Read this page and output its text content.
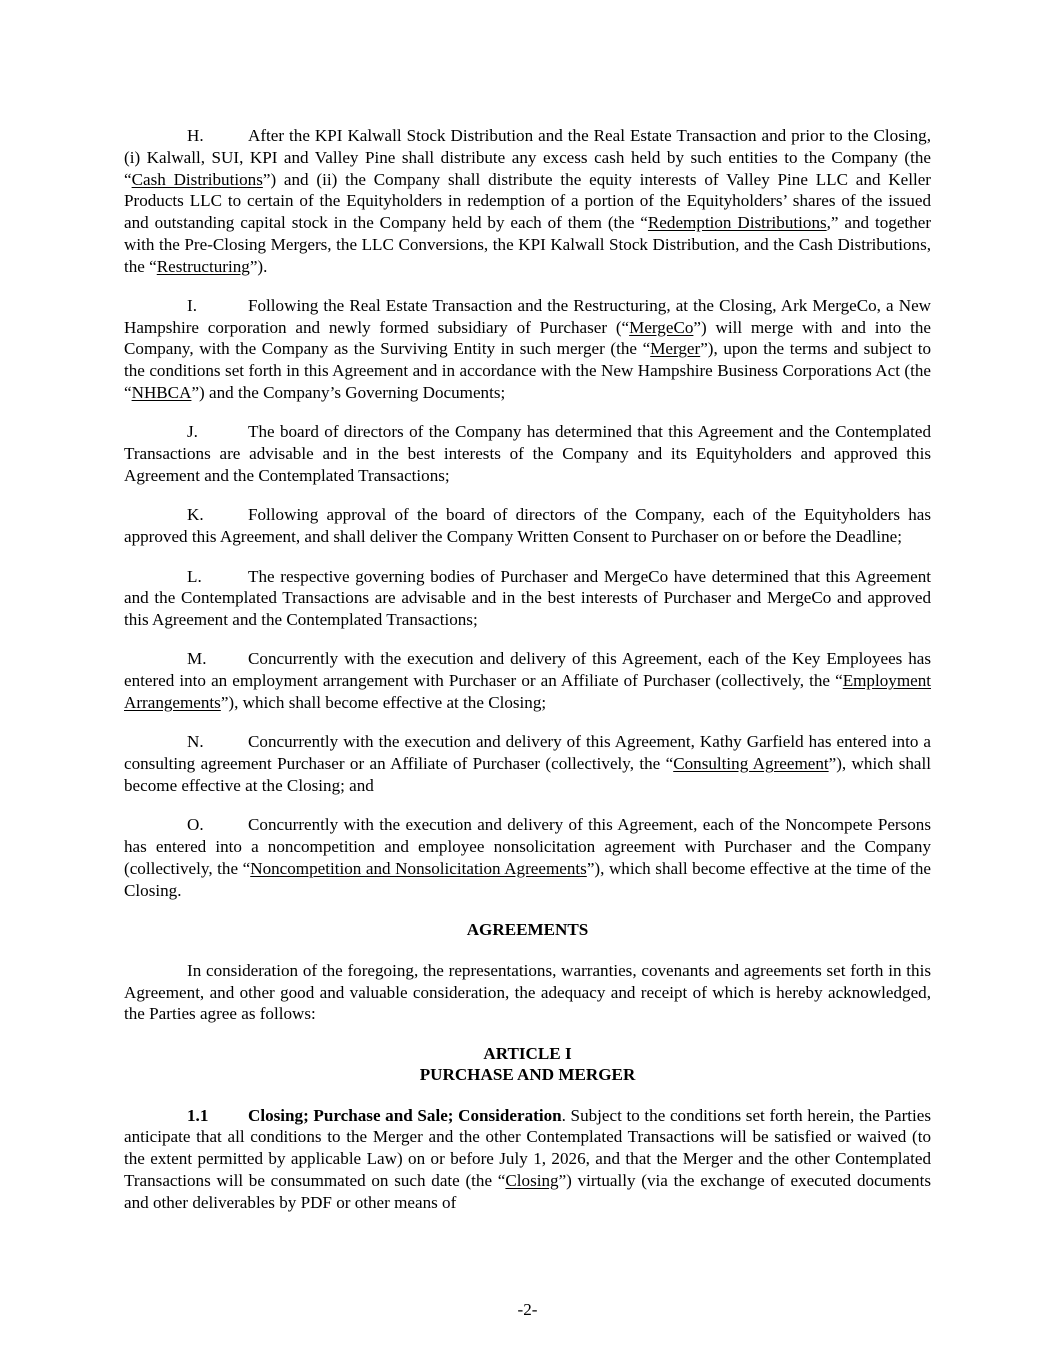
H.	After the KPI Kalwall Stock Distribution and the Real Estate Transaction and prior to the Closing, (i) Kalwall, SUI, KPI and Valley Pine shall distribute any excess cash held by such entities to the Company (the “Cash Distributions”) and (ii) the Company shall distribute the equity interests of Valley Pine LLC and Keller Products LLC to certain of the Equityholders in redemption of a portion of the Equityholders’ shares of the issued and outstanding capital stock in the Company held by each of them (the “Redemption Distributions,” and together with the Pre-Closing Mergers, the LLC Conversions, the KPI Kalwall Stock Distribution, and the Cash Distributions, the “Restructuring”).

I.	Following the Real Estate Transaction and the Restructuring, at the Closing, Ark MergeCo, a New Hampshire corporation and newly formed subsidiary of Purchaser (“MergeCo”) will merge with and into the Company, with the Company as the Surviving Entity in such merger (the “Merger”), upon the terms and subject to the conditions set forth in this Agreement and in accordance with the New Hampshire Business Corporations Act (the “NHBCA”) and the Company’s Governing Documents;

J.	The board of directors of the Company has determined that this Agreement and the Contemplated Transactions are advisable and in the best interests of the Company and its Equityholders and approved this Agreement and the Contemplated Transactions;

K.	Following approval of the board of directors of the Company, each of the Equityholders has approved this Agreement, and shall deliver the Company Written Consent to Purchaser on or before the Deadline;

L.	The respective governing bodies of Purchaser and MergeCo have determined that this Agreement and the Contemplated Transactions are advisable and in the best interests of Purchaser and MergeCo and approved this Agreement and the Contemplated Transactions;

M. Concurrently with the execution and delivery of this Agreement, each of the Key Employees has entered into an employment arrangement with Purchaser or an Affiliate of Purchaser (collectively, the “Employment Arrangements”), which shall become effective at the Closing;

N.	Concurrently with the execution and delivery of this Agreement, Kathy Garfield has entered into a consulting agreement Purchaser or an Affiliate of Purchaser (collectively, the “Consulting Agreement”), which shall become effective at the Closing; and

O.	Concurrently with the execution and delivery of this Agreement, each of the Noncompete Persons has entered into a noncompetition and employee nonsolicitation agreement with Purchaser and the Company (collectively, the “Noncompetition and Nonsolicitation Agreements”), which shall become effective at the time of the Closing.

AGREEMENTS

In consideration of the foregoing, the representations, warranties, covenants and agreements set forth in this Agreement, and other good and valuable consideration, the adequacy and receipt of which is hereby acknowledged, the Parties agree as follows:

ARTICLE I
PURCHASE AND MERGER

1.1 Closing; Purchase and Sale; Consideration. Subject to the conditions set forth herein, the Parties anticipate that all conditions to the Merger and the other Contemplated Transactions will be satisfied or waived (to the extent permitted by applicable Law) on or before July 1, 2026, and that the Merger and the other Contemplated Transactions will be consummated on such date (the “Closing”) virtually (via the exchange of executed documents and other deliverables by PDF or other means of

-2-
